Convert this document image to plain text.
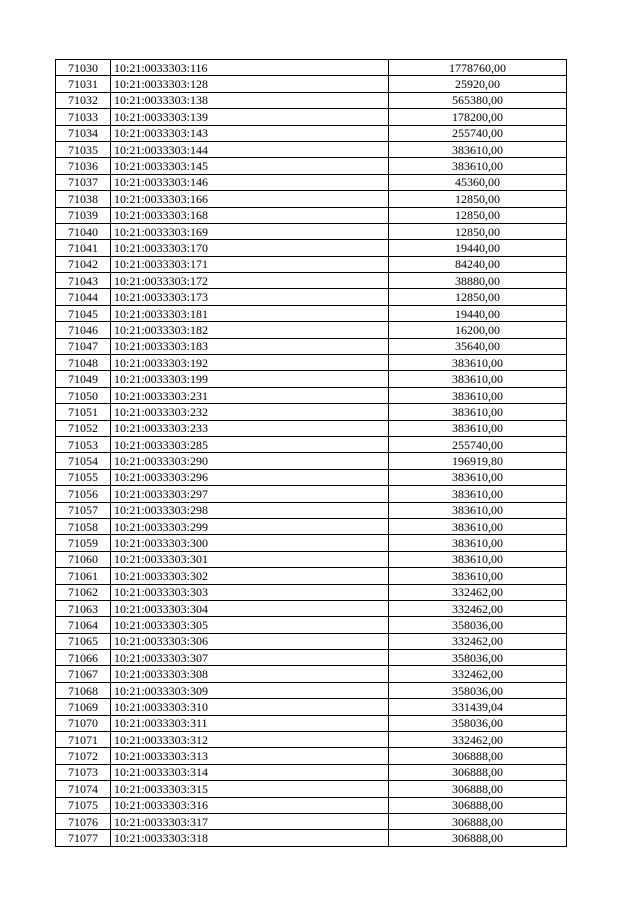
71030	10:21:0033303:116	1778760,00
71031	10:21:0033303:128	25920,00
71032	10:21:0033303:138	565380,00
71033	10:21:0033303:139	178200,00
71034	10:21:0033303:143	255740,00
71035	10:21:0033303:144	383610,00
71036	10:21:0033303:145	383610,00
71037	10:21:0033303:146	45360,00
71038	10:21:0033303:166	12850,00
71039	10:21:0033303:168	12850,00
71040	10:21:0033303:169	12850,00
71041	10:21:0033303:170	19440,00
71042	10:21:0033303:171	84240,00
71043	10:21:0033303:172	38880,00
71044	10:21:0033303:173	12850,00
71045	10:21:0033303:181	19440,00
71046	10:21:0033303:182	16200,00
71047	10:21:0033303:183	35640,00
71048	10:21:0033303:192	383610,00
71049	10:21:0033303:199	383610,00
71050	10:21:0033303:231	383610,00
71051	10:21:0033303:232	383610,00
71052	10:21:0033303:233	383610,00
71053	10:21:0033303:285	255740,00
71054	10:21:0033303:290	196919,80
71055	10:21:0033303:296	383610,00
71056	10:21:0033303:297	383610,00
71057	10:21:0033303:298	383610,00
71058	10:21:0033303:299	383610,00
71059	10:21:0033303:300	383610,00
71060	10:21:0033303:301	383610,00
71061	10:21:0033303:302	383610,00
71062	10:21:0033303:303	332462,00
71063	10:21:0033303:304	332462,00
71064	10:21:0033303:305	358036,00
71065	10:21:0033303:306	332462,00
71066	10:21:0033303:307	358036,00
71067	10:21:0033303:308	332462,00
71068	10:21:0033303:309	358036,00
71069	10:21:0033303:310	331439,04
71070	10:21:0033303:311	358036,00
71071	10:21:0033303:312	332462,00
71072	10:21:0033303:313	306888,00
71073	10:21:0033303:314	306888,00
71074	10:21:0033303:315	306888,00
71075	10:21:0033303:316	306888,00
71076	10:21:0033303:317	306888,00
71077	10:21:0033303:318	306888,00
